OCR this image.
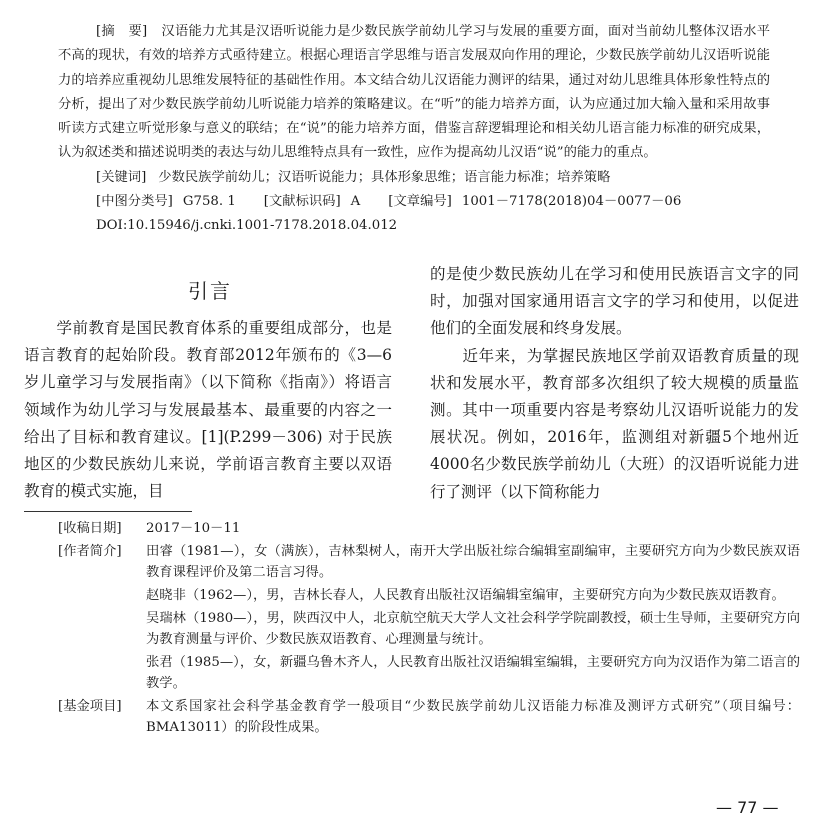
[摘　要] 汉语能力尤其是汉语听说能力是少数民族学前幼儿学习与发展的重要方面，面对当前幼儿整体汉语水平不高的现状，有效的培养方式亟待建立。根据心理语言学思维与语言发展双向作用的理论，少数民族学前幼儿汉语听说能力的培养应重视幼儿思维发展特征的基础性作用。本文结合幼儿汉语能力测评的结果，通过对幼儿思维具体形象性特点的分析，提出了对少数民族学前幼儿听说能力培养的策略建议。在“听”的能力培养方面，认为应通过加大输入量和采用故事听读方式建立听觉形象与意义的联结；在“说”的能力培养方面，借鉴言辞逻辑理论和相关幼儿语言能力标准的研究成果，认为叙述类和描述说明类的表达与幼儿思维特点具有一致性，应作为提高幼儿汉语“说”的能力的重点。
[关键词] 少数民族学前幼儿；汉语听说能力；具体形象思维；语言能力标准；培养策略
[中图分类号] G758. 1 [文献标识码] A [文章编号] 1001－7178(2018)04－0077－06
DOI:10.15946/j.cnki.1001-7178.2018.04.012
引言
学前教育是国民教育体系的重要组成部分，也是语言教育的起始阶段。教育部2012年颁布的《3—6岁儿童学习与发展指南》（以下简称《指南》）将语言领域作为幼儿学习与发展最基本、最重要的内容之一给出了目标和教育建议。[1](P.299－306) 对于民族地区的少数民族幼儿来说，学前语言教育主要以双语教育的模式实施，目
的是使少数民族幼儿在学习和使用民族语言文字的同时，加强对国家通用语言文字的学习和使用，以促进他们的全面发展和终身发展。
近年来，为掌握民族地区学前双语教育质量的现状和发展水平，教育部多次组织了较大规模的质量监测。其中一项重要内容是考察幼儿汉语听说能力的发展状况。例如，2016年，监测组对新疆5个地州近4000名少数民族学前幼儿（大班）的汉语听说能力进行了测评（以下简称能力
[收稿日期]	2017－10－11
[作者简介]	田睿（1981—），女（满族），吉林梨树人，南开大学出版社综合编辑室副编审，主要研究方向为少数民族双语教育课程评价及第二语言习得。
赵晓非（1962—），男，吉林长春人，人民教育出版社汉语编辑室编审，主要研究方向为少数民族双语教育。
吴瑞林（1980—），男，陕西汉中人，北京航空航天大学人文社会科学学院副教授，硕士生导师，主要研究方向为教育测量与评价、少数民族双语教育、心理测量与统计。
张君（1985—），女，新疆乌鲁木齐人，人民教育出版社汉语编辑室编辑，主要研究方向为汉语作为第二语言的教学。
[基金项目]	本文系国家社会科学基金教育学一般项目“少数民族学前幼儿汉语能力标准及测评方式研究”（项目编号：BMA13011）的阶段性成果。
— 77 —
